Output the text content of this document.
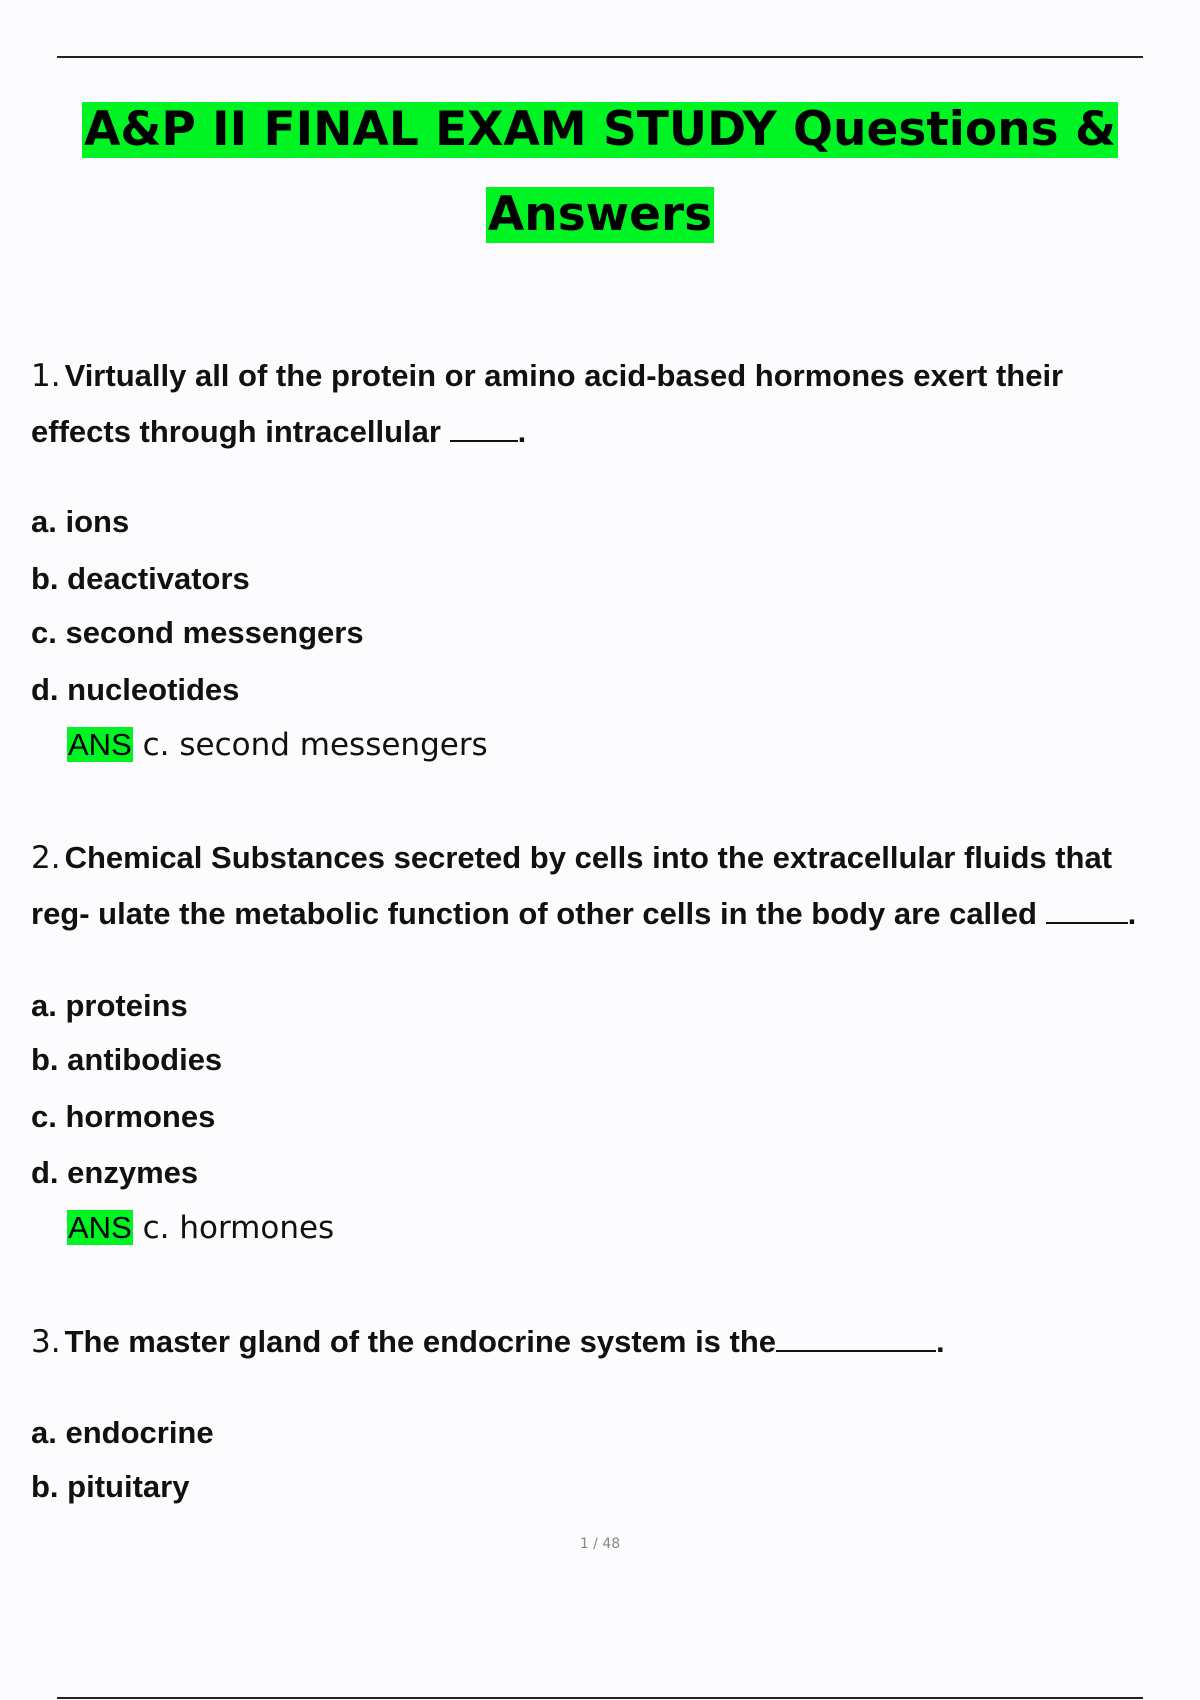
A&P II FINAL EXAM STUDY Questions &
Answers
1. Virtually all of the protein or amino acid-based hormones exert their
effects through intracellular .
a. ions
b. deactivators
c. second messengers
d. nucleotides
ANS c. second messengers
2. Chemical Substances secreted by cells into the extracellular fluids that
reg- ulate the metabolic function of other cells in the body are called	.
a. proteins
b. antibodies
c. hormones
d. enzymes
ANS c. hormones
3. The master gland of the endocrine system is the	.
a. endocrine
b. pituitary
1 / 48
